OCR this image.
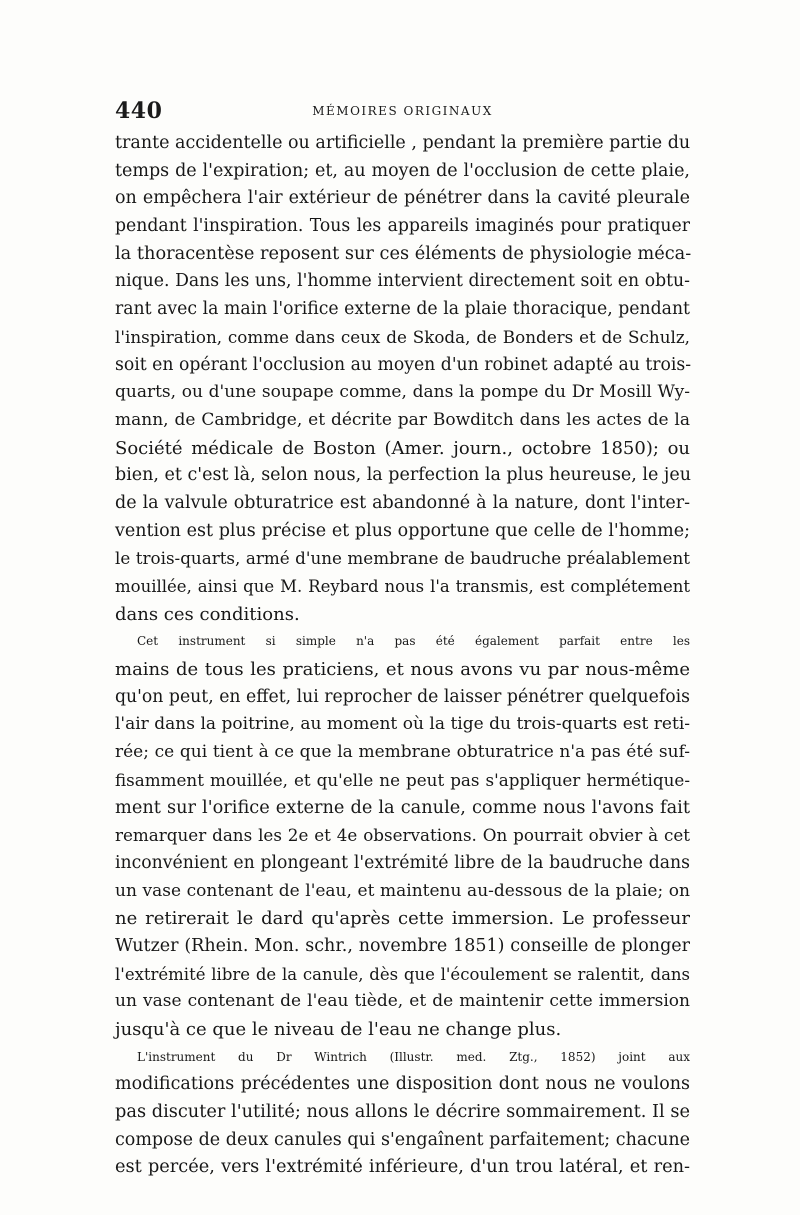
440	MÉMOIRES ORIGINAUX
trante accidentelle ou artificielle , pendant la première partie du
temps de l'expiration; et, au moyen de l'occlusion de cette plaie,
on empêchera l'air extérieur de pénétrer dans la cavité pleurale
pendant l'inspiration. Tous les appareils imaginés pour pratiquer
la thoracentèse reposent sur ces éléments de physiologie méca-
nique. Dans les uns, l'homme intervient directement soit en obtu-
rant avec la main l'orifice externe de la plaie thoracique, pendant
l'inspiration, comme dans ceux de Skoda, de Bonders et de Schulz,
soit en opérant l'occlusion au moyen d'un robinet adapté au trois-
quarts, ou d'une soupape comme, dans la pompe du Dr Mosill Wy-
mann, de Cambridge, et décrite par Bowditch dans les actes de la
Société médicale de Boston (Amer. journ., octobre 1850); ou
bien, et c'est là, selon nous, la perfection la plus heureuse, le jeu
de la valvule obturatrice est abandonné à la nature, dont l'inter-
vention est plus précise et plus opportune que celle de l'homme;
le trois-quarts, armé d'une membrane de baudruche préalablement
mouillée, ainsi que M. Reybard nous l'a transmis, est complétement
dans ces conditions.
Cet instrument si simple n'a pas été également parfait entre les
mains de tous les praticiens, et nous avons vu par nous-même
qu'on peut, en effet, lui reprocher de laisser pénétrer quelquefois
l'air dans la poitrine, au moment où la tige du trois-quarts est reti-
rée; ce qui tient à ce que la membrane obturatrice n'a pas été suf-
fisamment mouillée, et qu'elle ne peut pas s'appliquer hermétique-
ment sur l'orifice externe de la canule, comme nous l'avons fait
remarquer dans les 2e et 4e observations. On pourrait obvier à cet
inconvénient en plongeant l'extrémité libre de la baudruche dans
un vase contenant de l'eau, et maintenu au-dessous de la plaie; on
ne retirerait le dard qu'après cette immersion. Le professeur
Wutzer (Rhein. Mon. schr., novembre 1851) conseille de plonger
l'extrémité libre de la canule, dès que l'écoulement se ralentit, dans
un vase contenant de l'eau tiède, et de maintenir cette immersion
jusqu'à ce que le niveau de l'eau ne change plus.
L'instrument du Dr Wintrich (Illustr. med. Ztg., 1852) joint aux
modifications précédentes une disposition dont nous ne voulons
pas discuter l'utilité; nous allons le décrire sommairement. Il se
compose de deux canules qui s'engaînent parfaitement; chacune
est percée, vers l'extrémité inférieure, d'un trou latéral, et ren-
